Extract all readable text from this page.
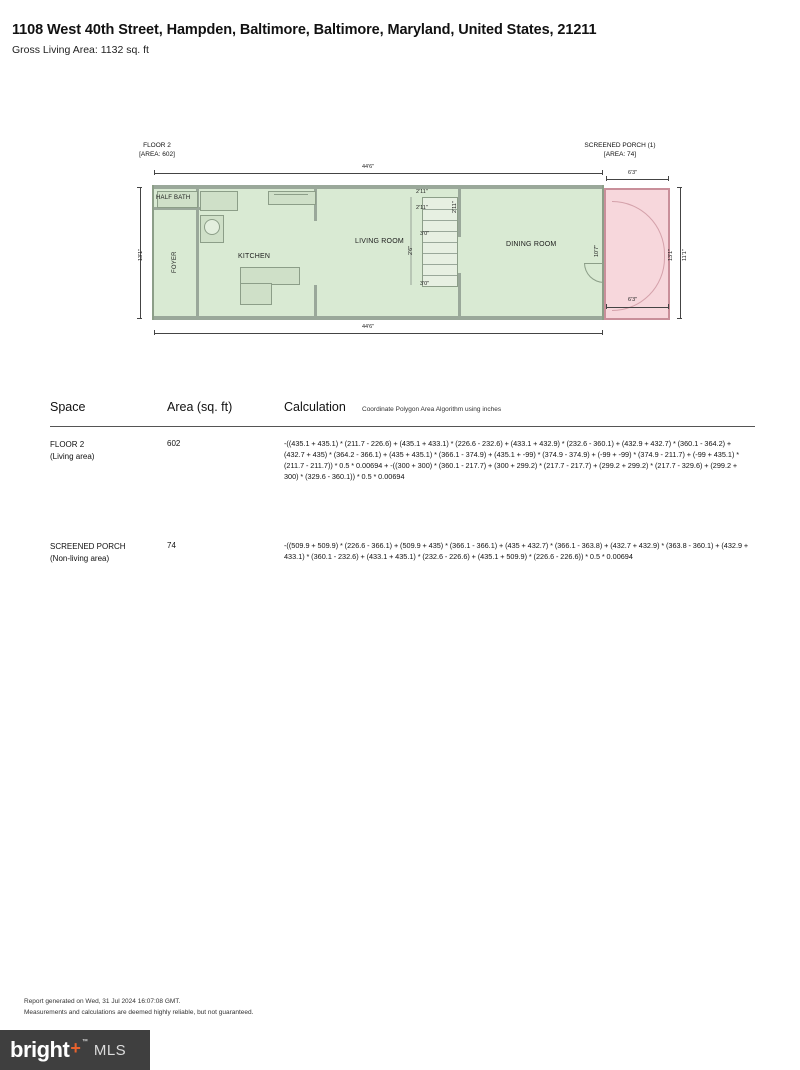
1108 West 40th Street, Hampden, Baltimore, Baltimore, Maryland, United States, 21211
Gross Living Area: 1132 sq. ft
FLOOR 2
[AREA: 602]
SCREENED PORCH (1)
[AREA: 74]
44'6"
6'3"
2'11"
2'11"
3'0"
3'0"
2'11"
2'6"	10'7"
6'3"
13'1"	11'1"
13'1"
44'6"
HALF BATH
FOYER	KITCHEN
LIVING ROOM	DINING ROOM
Space	Area (sq. ft)	Calculation Coordinate Polygon Area Algorithm using inches
FLOOR 2
(Living area)
602	-((435.1 + 435.1) * (211.7 - 226.6) + (435.1 + 433.1) * (226.6 - 232.6) + (433.1 + 432.9) * (232.6 - 360.1) + (432.9 + 432.7) * (360.1 - 364.2) + (432.7 + 435) * (364.2 - 366.1) + (435 + 435.1) * (366.1 - 374.9) + (435.1 + -99) * (374.9 - 374.9) + (-99 + -99) * (374.9 - 211.7) + (-99 + 435.1) * (211.7 - 211.7)) * 0.5 * 0.00694 + -((300 + 300) * (360.1 - 217.7) + (300 + 299.2) * (217.7 - 217.7) + (299.2 + 299.2) * (217.7 - 329.6) + (299.2 + 300) * (329.6 - 360.1)) * 0.5 * 0.00694
SCREENED PORCH
(Non-living area)
74	-((509.9 + 509.9) * (226.6 - 366.1) + (509.9 + 435) * (366.1 - 366.1) + (435 + 432.7) * (366.1 - 363.8) + (432.7 + 432.9) * (363.8 - 360.1) + (432.9 + 433.1) * (360.1 - 232.6) + (433.1 + 435.1) * (232.6 - 226.6) + (435.1 + 509.9) * (226.6 - 226.6)) * 0.5 * 0.00694
Report generated on Wed, 31 Jul 2024 16:07:08 GMT.
Measurements and calculations are deemed highly reliable, but not guaranteed.
bright + ™ MLS
